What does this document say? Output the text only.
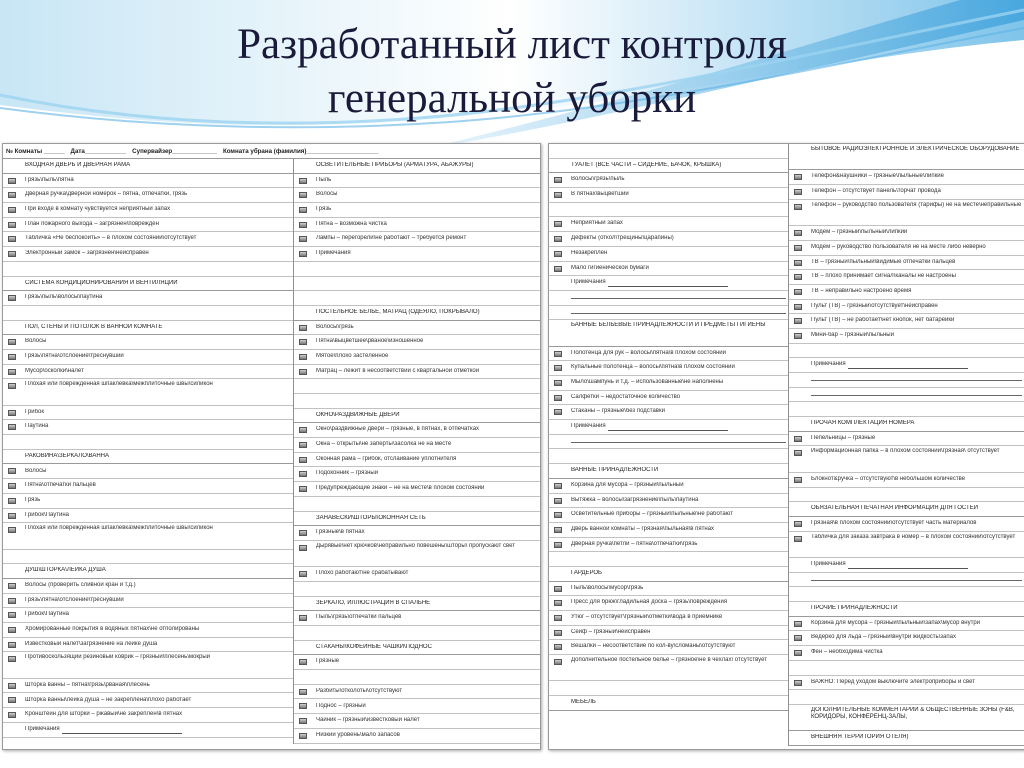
Разработанный лист контроля
генеральной уборки
№ Комнаты ______ Дата____________ Супервайзер_____________ Комната убрана (фамилия)_____________________
ВХОДНАЯ ДВЕРЬ И ДВЕРНАЯ РАМА
Грязь\пыль\пятна
Дверная ручка\дверной номерок – пятна, отпечатки, грязь
При входе в комнату чувствуется неприятный запах
План пожарного выхода – загрязнен\поврежден
Табличка «Не беспокоить» – в плохом состоянии\отсутствует
Электронный замок – загрязнен\неисправен
СИСТЕМА КОНДИЦИОНИРОВАНИЯ И ВЕНТИЛЯЦИИ
Грязь\пыль\волосы\паутина
ПОЛ, СТЕНЫ И ПОТОЛОК В ВАННОЙ КОМНАТЕ
Волосы
Грязь\пятна\отслоение\треснувший
Мусор\осколки\налет
Плохая или поврежденная шпаклевка\межплиточные швы\силикон
Грибок
Паутина
РАКОВИНА\ЗЕРКАЛО\ВАННА
Волосы
Пятна\отпечатки пальцев
Грязь
Грибок\Паутина
Плохая или поврежденная шпаклевка\межплиточные швы\силикон
ДУШ\ШТОРКА\ЛЕЙКА ДУША
Волосы (проверить сливной кран и т.д.)
Грязь\пятна\отслоение\треснувший
Грибок\Паутина
Хромированные покрытия в водяных пятнах\не отполированы
Известковый налет\загрязнение на лейке душа
Противоскользящий резиновый коврик – грязный\плесень\мокрый
Шторка ванны – пятна\грязь\рваная\плесень
Шторка ванны\лейка душа – не закреплена\плохо работает
Кронштейн для шторки – ржавый\не закреплен\в пятнах
Примечания
ОСВЕТИТЕЛЬНЫЕ ПРИБОРЫ (АРМАТУРА, АБАЖУРЫ)
Пыль
Волосы
Грязь
Пятна – возможна чистка
Лампы – перегорели\не работают – требуется ремонт
Примечания
ПОСТЕЛЬНОЕ БЕЛЬЕ, МАТРАЦ (ОДЕЯЛО, ПОКРЫВАЛО)
Волосы\грязь
Пятна\выцветшее\рваное\изношенное
Мятое\плохо застеленное
Матрац – лежит в несоответствии с квартальной отметкой
ОКНО\РАЗДВИЖНЫЕ ДВЕРИ
Окно\раздвижные двери – грязные, в пятнах, в отпечатках
Окна – открыты\не заперты\засолка не на месте
Оконная рама – грибок, отслаивание уплотнителя
Подоконник – грязный
Предупреждающие знаки – не на месте\в плохом состоянии
ЗАНАВЕСКИ\ШТОРЫ\ОКОННАЯ СЕТЬ
Грязные\в пятнах
Дырявые\нет крючков\неправильно повешены\шторы\ пропускают свет
Плохо работают\не срабатывают
ЗЕРКАЛО, ИЛЛЮСТРАЦИЯ В СПАЛЬНЕ
Пыль\грязь\отпечатки пальцев
СТАКАНЫ\КОФЕЙНЫЕ ЧАШКИ\ПОДНОС
Грязные
Разбиты\отколоты\отсутствуют
Поднос – грязный
Чайник – грязный\известковый налет
Низкий уровень\мало запасов
ТУАЛЕТ (ВСЕ ЧАСТИ – СИДЕНИЕ, БАЧОК, КРЫШКА)
Волосы\грязь\пыль
В пятнах\выцветший
Неприятный запах
Дефекты (откол\трещины\царапины)
Незакреплен
Мало гигиенической бумаги
Примечания
БАННЫЕ БЕЛЬЕВЫЕ ПРИНАДЛЕЖНОСТИ И ПРЕДМЕТЫ ГИГИЕНЫ
Полотенца для рук – волосы\пятна\в плохом состоянии
Купальные полотенца – волосы\пятна\в плохом состоянии
Мыло\шампунь и т.д. – использованные\не наполнены
Салфетки – недостаточное количество
Стаканы – грязные\без подставки
Примечания
ВАННЫЕ ПРИНАДЛЕЖНОСТИ
Корзина для мусора – грязный\пыльный
Вытяжка – волосы\загрязнение\пыль\паутина
Осветительные приборы – грязный\пыльные\не работают
Дверь ванной комнаты – грязная\пыльная\в пятнах
Дверная ручка\петли – пятна\отпечатки\грязь
ГАРДЕРОБ
Пыль\волосы\мусор\грязь
Пресс для брюк\гладильная доска – грязь\повреждения
Утюг – отсутствует\грязный\отметки\вода в приемнике
Сейф – грязный\неисправен
Вешалки – несоответствие по кол-ву\сломаны\отсутствуют
Дополнительное постельное белье – грязное\не в чехлах\ отсутствует
МЕБЕЛЬ
БЫТОВОЕ РАДИОЭЛЕКТРОННОЕ И ЭЛЕКТРИЧЕСКОЕ ОБОРУДОВАНИЕ
Телефон&наушники – грязные\пыльные\липкие
Телефон – отсутствует панель\торчат провода
Телефон – руководство пользователя (тарифы) не на месте\неправильные
Модем – грязный\пыльный\липкий
Модем – руководство пользователя не на месте либо неверно
ТВ – грязный\пыльный\видимые отпечатки пальцев
ТВ – плохо принимает сигнал\каналы не настроены
ТВ – неправильно настроено время
Пульт (ТВ) – грязный\отсутствует\неисправен
Пульт (ТВ) – не работает\нет кнопок, нет батарейки
Мини-бар – грязный\пыльный
Примечания
ПРОЧАЯ КОМПЛЕКТАЦИЯ НОМЕРА
Пепельницы – грязные
Информационная папка – в плохом состоянии\грязная\ отсутствует
Блокнот&ручка – отсутствуют\в небольшом количестве
ОБЯЗАТЕЛЬНАЯ ПЕЧАТНАЯ ИНФОРМАЦИЯ ДЛЯ ГОСТЕЙ
Грязная\в плохом состоянии\отсутствует часть материалов
Табличка для заказа завтрака в номер – в плохом состоянии\отсутствует
Примечания
ПРОЧИЕ ПРИНАДЛЕЖНОСТИ
Корзина для мусора – грязный\пыльный\запах\мусор внутри
Ведерко для льда – грязный\внутри жидкость\запах
Фен – необходима чистка
ВАЖНО: Перед уходом выключите электроприборы и свет
ДОПОЛНИТЕЛЬНЫЕ КОММЕНТАРИИ & ОБЩЕСТВЕННЫЕ ЗОНЫ (F&B, КОРИДОРЫ, КОНФЕРЕНЦ-ЗАЛЫ,
ВНЕШНЯЯ ТЕРРИТОРИЯ ОТЕЛЯ)
